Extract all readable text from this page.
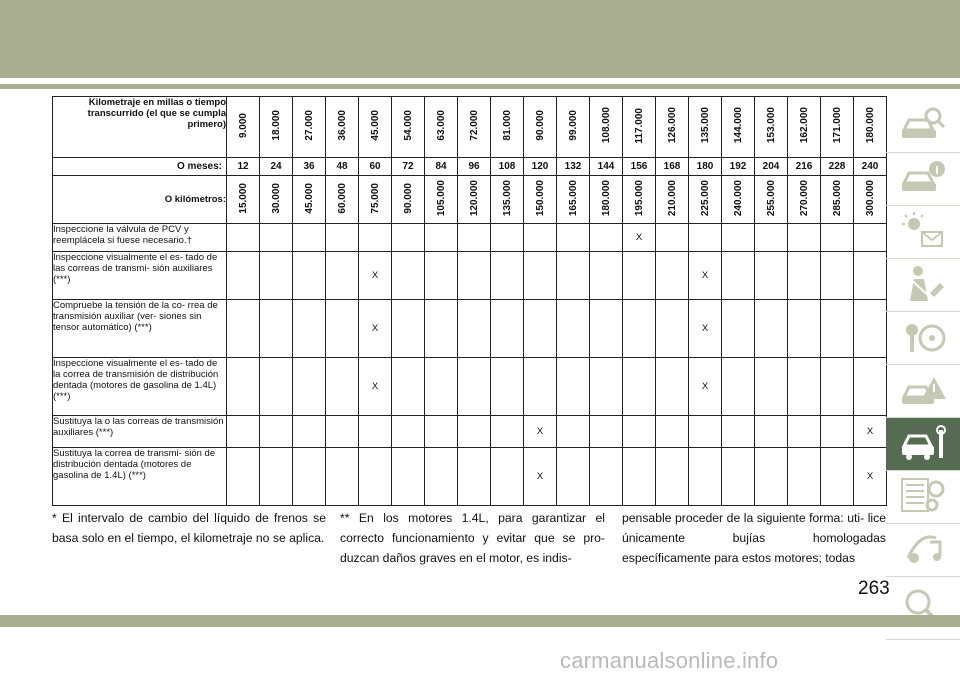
Kilometraje en millas o tiempo transcurrido (el que se cumpla primero)	9.000	18.000	27.000	36.000	45.000	54.000	63.000	72.000	81.000	90.000	99.000	108.000	117.000	126.000	135.000	144.000	153.000	162.000	171.000	180.000
O meses:	12	24	36	48	60	72	84	96	108	120	132	144	156	168	180	192	204	216	228	240
O kilómetros:	15.000	30.000	45.000	60.000	75.000	90.000	105.000	120.000	135.000	150.000	165.000	180.000	195.000	210.000	225.000	240.000	255.000	270.000	285.000	300.000
Inspeccione la válvula de PCV y reemplácela si fuese necesario.†													X							
Inspeccione visualmente el es- tado de las correas de transmi- sión auxiliares (***)					X										X					
Compruebe la tensión de la co- rrea de transmisión auxiliar (ver- siones sin tensor automático) (***)					X										X					
Inspeccione visualmente el es- tado de la correa de transmisión de distribución dentada (motores de gasolina de 1.4L) (***)					X										X					
Sustituya la o las correas de transmisión auxiliares (***)										X										X
Sustituya la correa de transmi- sión de distribución dentada (motores de gasolina de 1.4L) (***)										X										X
* El intervalo de cambio del líquido de frenos se basa solo en el tiempo, el kilometraje no se aplica.
** En los motores 1.4L, para garantizar el correcto funcionamiento y evitar que se pro- duzcan daños graves en el motor, es indis-
pensable proceder de la siguiente forma: uti- lice únicamente bujías homologadas específicamente para estos motores; todas
263
carmanualsonline.info
